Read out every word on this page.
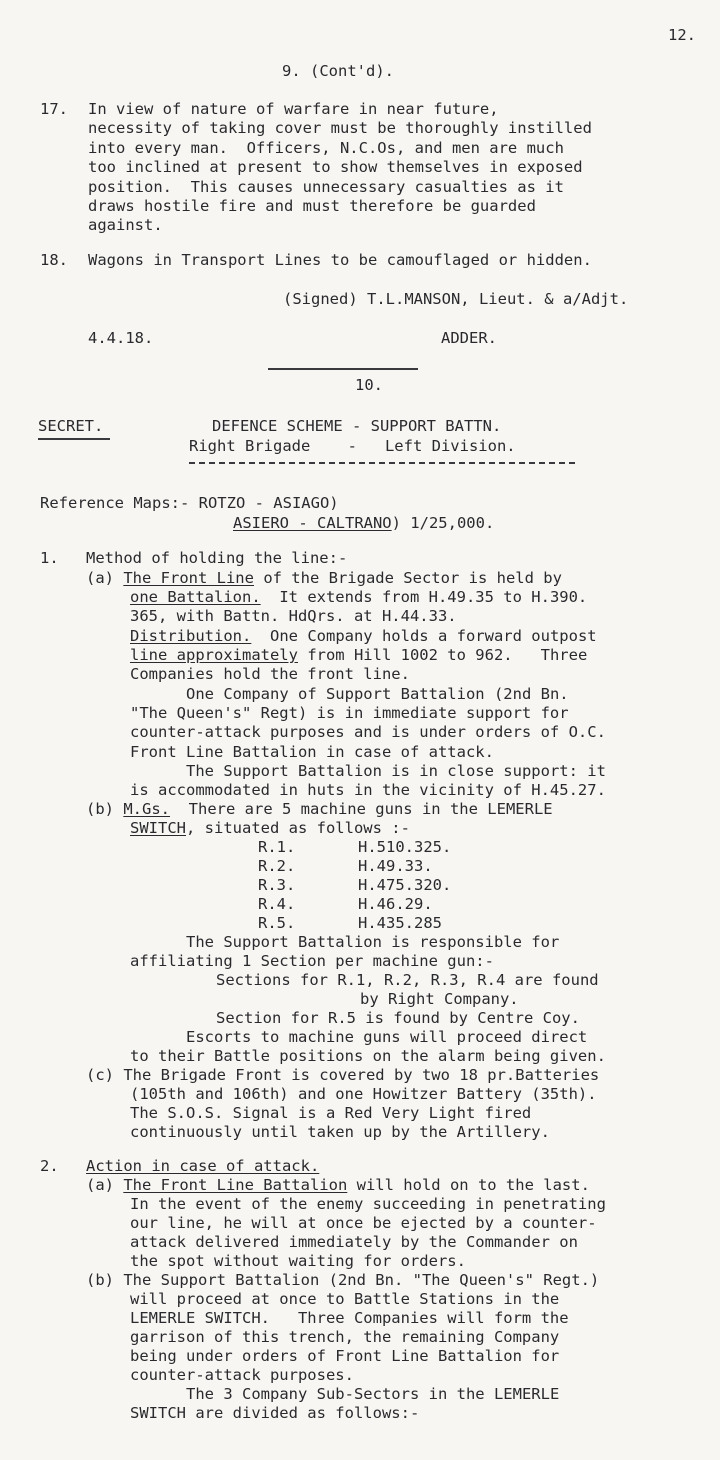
12.

9. (Cont'd).

17. In view of nature of warfare in near future,

necessity of taking cover must be thoroughly instilled

into every man.  Officers, N.C.Os, and men are much

too inclined at present to show themselves in exposed

position.  This causes unnecessary casualties as it

draws hostile fire and must therefore be guarded

against.

18. Wagons in Transport Lines to be camouflaged or hidden.

(Signed) T.L.MANSON, Lieut. & a/Adjt.

4.4.18.	ADDER.

10.

SECRET.	DEFENCE SCHEME - SUPPORT BATTN.

Right Brigade    -   Left Division.

Reference Maps:- ROTZO - ASIAGO)

ASIERO - CALTRANO) 1/25,000.

1. Method of holding the line:-

(a) The Front Line of the Brigade Sector is held by

one Battalion.  It extends from H.49.35 to H.390.

365, with Battn. HdQrs. at H.44.33.

Distribution.  One Company holds a forward outpost

line approximately from Hill 1002 to 962.   Three

Companies hold the front line.

One Company of Support Battalion (2nd Bn.

"The Queen's" Regt) is in immediate support for

counter-attack purposes and is under orders of O.C.

Front Line Battalion in case of attack.

The Support Battalion is in close support: it

is accommodated in huts in the vicinity of H.45.27.

(b) M.Gs.  There are 5 machine guns in the LEMERLE

SWITCH, situated as follows :-

R.1.	H.510.325.

R.2.	H.49.33.

R.3.	H.475.320.

R.4.	H.46.29.

R.5.	H.435.285

The Support Battalion is responsible for

affiliating 1 Section per machine gun:-

Sections for R.1, R.2, R.3, R.4 are found

by Right Company.

Section for R.5 is found by Centre Coy.

Escorts to machine guns will proceed direct

to their Battle positions on the alarm being given.

(c) The Brigade Front is covered by two 18 pr.Batteries

(105th and 106th) and one Howitzer Battery (35th).

The S.O.S. Signal is a Red Very Light fired

continuously until taken up by the Artillery.

2. Action in case of attack.

(a) The Front Line Battalion will hold on to the last.

In the event of the enemy succeeding in penetrating

our line, he will at once be ejected by a counter-

attack delivered immediately by the Commander on

the spot without waiting for orders.

(b) The Support Battalion (2nd Bn. "The Queen's" Regt.)

will proceed at once to Battle Stations in the

LEMERLE SWITCH.   Three Companies will form the

garrison of this trench, the remaining Company

being under orders of Front Line Battalion for

counter-attack purposes.

The 3 Company Sub-Sectors in the LEMERLE

SWITCH are divided as follows:-
